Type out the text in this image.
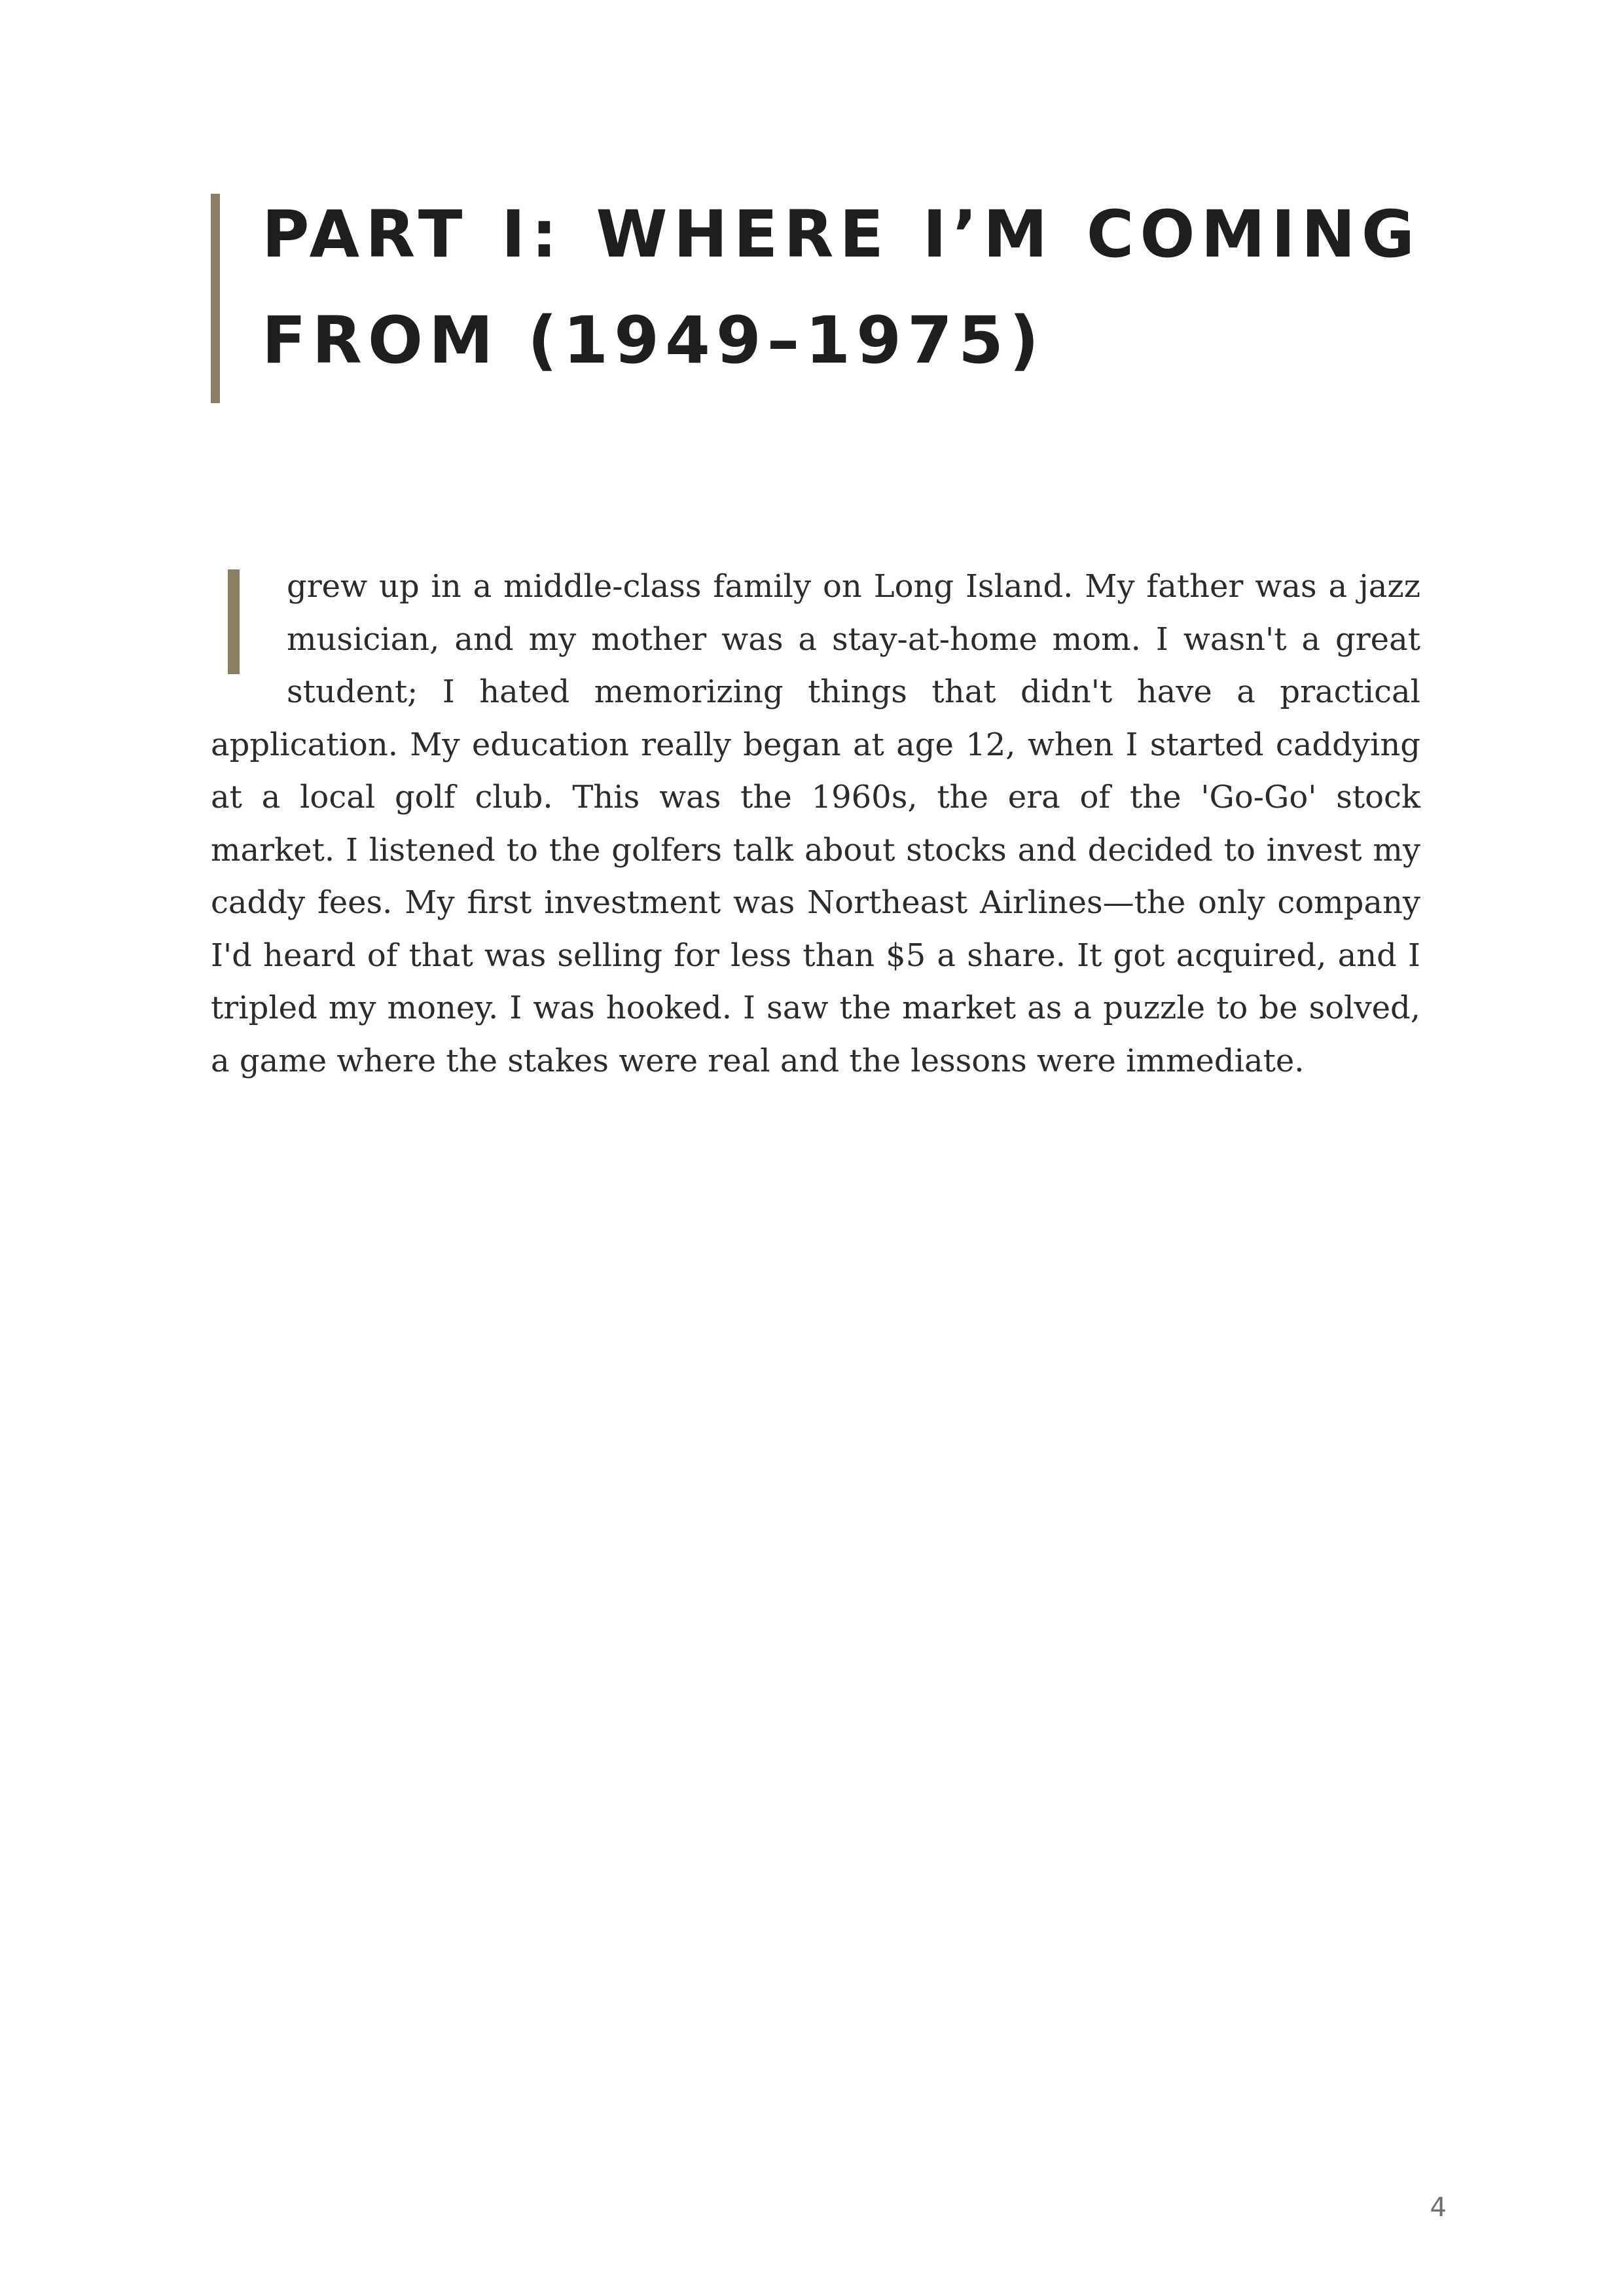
PART I: WHERE I’M COMING FROM (1949–1975)

grew up in a middle-class family on Long Island. My father was a jazz musician, and my mother was a stay-at-home mom. I wasn't a great student; I hated memorizing things that didn't have a practical application. My education really began at age 12, when I started caddying at a local golf club. This was the 1960s, the era of the 'Go-Go' stock market. I listened to the golfers talk about stocks and decided to invest my caddy fees. My first investment was Northeast Airlines—the only company I'd heard of that was selling for less than $5 a share. It got acquired, and I tripled my money. I was hooked. I saw the market as a puzzle to be solved, a game where the stakes were real and the lessons were immediate.

4
